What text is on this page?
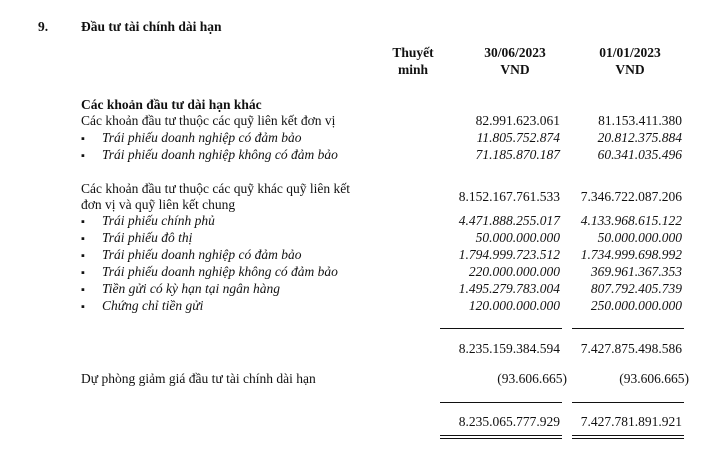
9. Đầu tư tài chính dài hạn
Thuyết
minh
30/06/2023
VND
01/01/2023
VND
Các khoản đầu tư dài hạn khác
Các khoản đầu tư thuộc các quỹ liên kết đơn vị	82.991.623.061	81.153.411.380
▪ Trái phiếu doanh nghiệp có đảm bảo	11.805.752.874	20.812.375.884
▪ Trái phiếu doanh nghiệp không có đảm bảo	71.185.870.187	60.341.035.496
Các khoản đầu tư thuộc các quỹ khác quỹ liên kết
đơn vị và quỹ liên kết chung
8.152.167.761.533	7.346.722.087.206
▪ Trái phiếu chính phủ	4.471.888.255.017	4.133.968.615.122
▪ Trái phiếu đô thị	50.000.000.000	50.000.000.000
▪ Trái phiếu doanh nghiệp có đảm bảo	1.794.999.723.512	1.734.999.698.992
▪ Trái phiếu doanh nghiệp không có đảm bảo	220.000.000.000	369.961.367.353
▪ Tiền gửi có kỳ hạn tại ngân hàng	1.495.279.783.004	807.792.405.739
▪ Chứng chỉ tiền gửi	120.000.000.000	250.000.000.000
8.235.159.384.594	7.427.875.498.586
Dự phòng giảm giá đầu tư tài chính dài hạn	(93.606.665)	(93.606.665)
8.235.065.777.929	7.427.781.891.921
